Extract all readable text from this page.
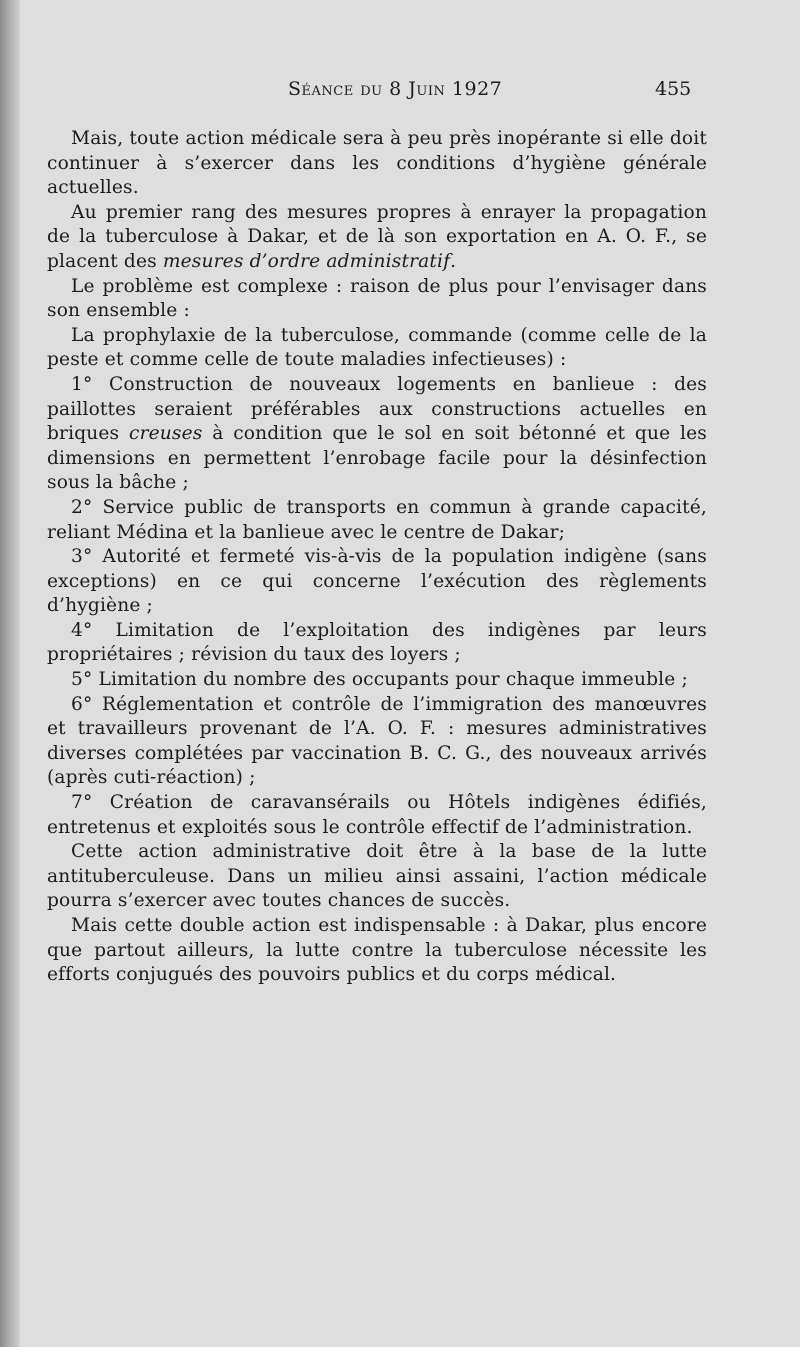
Séance du 8 Juin 1927	455

Mais, toute action médicale sera à peu près inopérante si elle doit continuer à s’exercer dans les conditions d’hygiène générale actuelles.

Au premier rang des mesures propres à enrayer la propagation de la tuberculose à Dakar, et de là son exportation en A. O. F., se placent des mesures d’ordre administratif.

Le problème est complexe : raison de plus pour l’envisager dans son ensemble :

La prophylaxie de la tuberculose, commande (comme celle de la peste et comme celle de toute maladies infectieuses) :

1° Construction de nouveaux logements en banlieue : des paillottes seraient préférables aux constructions actuelles en briques creuses à condition que le sol en soit bétonné et que les dimensions en permettent l’enrobage facile pour la désinfection sous la bâche ;

2° Service public de transports en commun à grande capacité, reliant Médina et la banlieue avec le centre de Dakar;

3° Autorité et fermeté vis-à-vis de la population indigène (sans exceptions) en ce qui concerne l’exécution des règlements d’hygiène ;

4° Limitation de l’exploitation des indigènes par leurs propriétaires ; révision du taux des loyers ;

5° Limitation du nombre des occupants pour chaque immeuble ;

6° Réglementation et contrôle de l’immigration des manœuvres et travailleurs provenant de l’A. O. F. : mesures administratives diverses complétées par vaccination B. C. G., des nouveaux arrivés (après cuti-réaction) ;

7° Création de caravansérails ou Hôtels indigènes édifiés, entretenus et exploités sous le contrôle effectif de l’administration.

Cette action administrative doit être à la base de la lutte antituberculeuse. Dans un milieu ainsi assaini, l’action médicale pourra s’exercer avec toutes chances de succès.

Mais cette double action est indispensable : à Dakar, plus encore que partout ailleurs, la lutte contre la tuberculose nécessite les efforts conjugués des pouvoirs publics et du corps médical.
